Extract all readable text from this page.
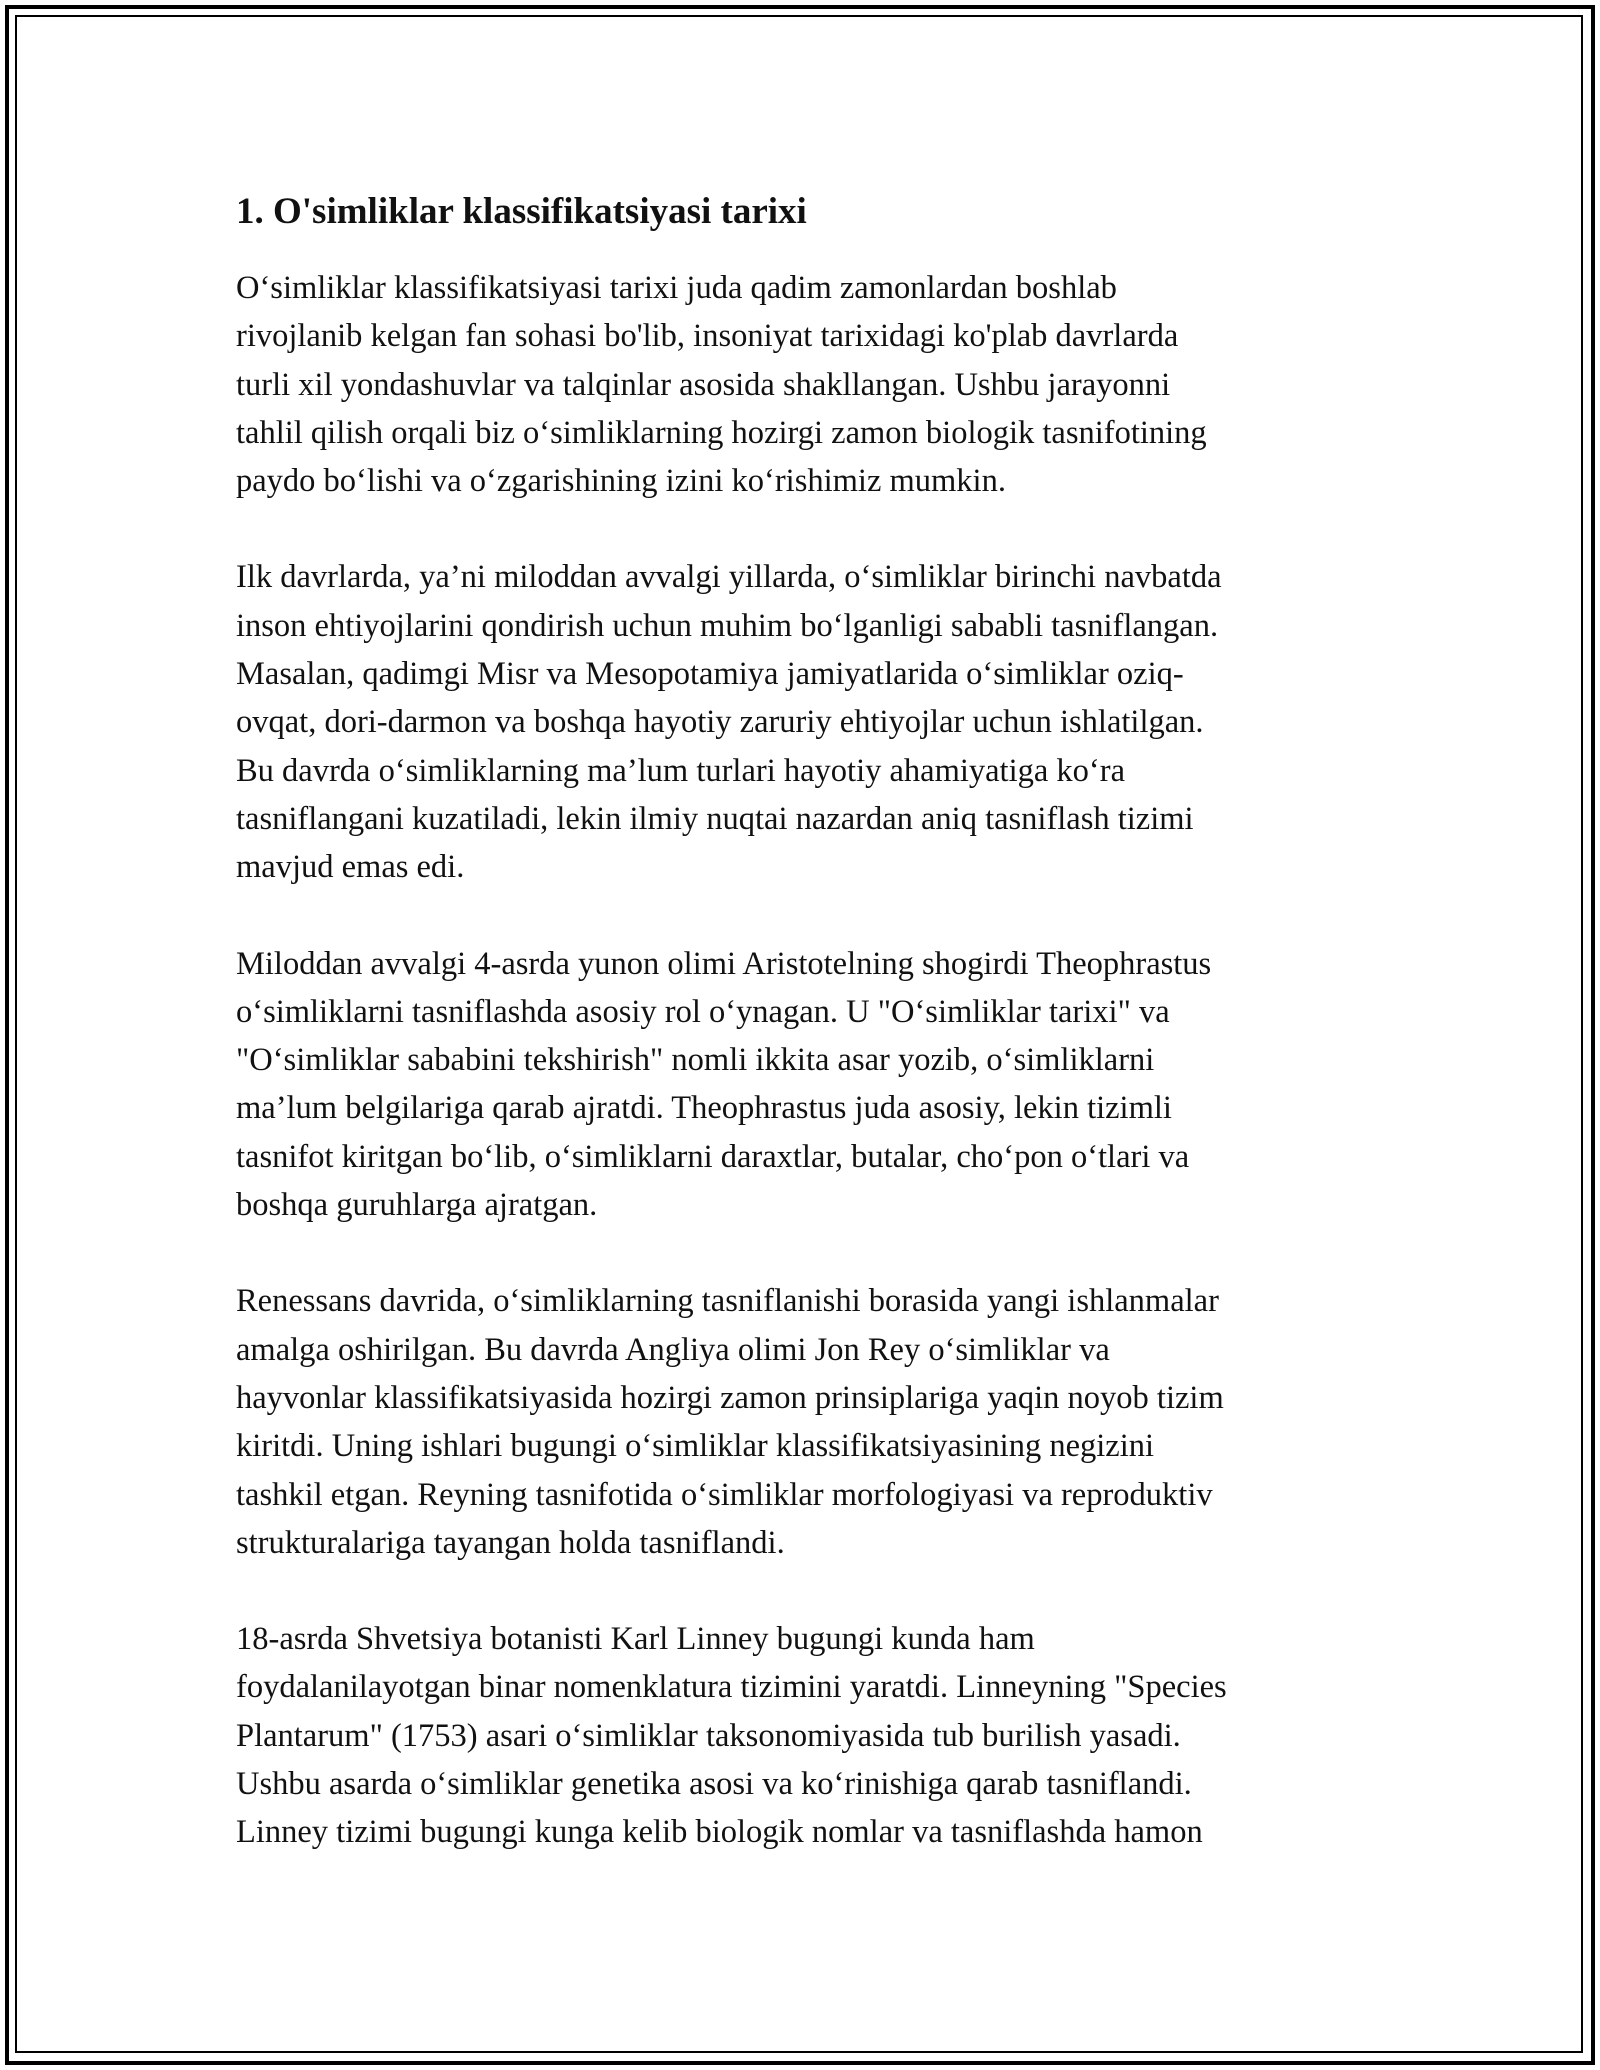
1. O'simliklar klassifikatsiyasi tarixi

O‘simliklar klassifikatsiyasi tarixi juda qadim zamonlardan boshlab
rivojlanib kelgan fan sohasi bo'lib, insoniyat tarixidagi ko'plab davrlarda
turli xil yondashuvlar va talqinlar asosida shakllangan. Ushbu jarayonni
tahlil qilish orqali biz o‘simliklarning hozirgi zamon biologik tasnifotining
paydo bo‘lishi va o‘zgarishining izini ko‘rishimiz mumkin.

Ilk davrlarda, ya’ni miloddan avvalgi yillarda, o‘simliklar birinchi navbatda
inson ehtiyojlarini qondirish uchun muhim bo‘lganligi sababli tasniflangan.
Masalan, qadimgi Misr va Mesopotamiya jamiyatlarida o‘simliklar oziq-
ovqat, dori-darmon va boshqa hayotiy zaruriy ehtiyojlar uchun ishlatilgan.
Bu davrda o‘simliklarning ma’lum turlari hayotiy ahamiyatiga ko‘ra
tasniflangani kuzatiladi, lekin ilmiy nuqtai nazardan aniq tasniflash tizimi
mavjud emas edi.

Miloddan avvalgi 4-asrda yunon olimi Aristotelning shogirdi Theophrastus
o‘simliklarni tasniflashda asosiy rol o‘ynagan. U "O‘simliklar tarixi" va
"O‘simliklar sababini tekshirish" nomli ikkita asar yozib, o‘simliklarni
ma’lum belgilariga qarab ajratdi. Theophrastus juda asosiy, lekin tizimli
tasnifot kiritgan bo‘lib, o‘simliklarni daraxtlar, butalar, cho‘pon o‘tlari va
boshqa guruhlarga ajratgan.

Renessans davrida, o‘simliklarning tasniflanishi borasida yangi ishlanmalar
amalga oshirilgan. Bu davrda Angliya olimi Jon Rey o‘simliklar va
hayvonlar klassifikatsiyasida hozirgi zamon prinsiplariga yaqin noyob tizim
kiritdi. Uning ishlari bugungi o‘simliklar klassifikatsiyasining negizini
tashkil etgan. Reyning tasnifotida o‘simliklar morfologiyasi va reproduktiv
strukturalariga tayangan holda tasniflandi.

18-asrda Shvetsiya botanisti Karl Linney bugungi kunda ham
foydalanilayotgan binar nomenklatura tizimini yaratdi. Linneyning "Species
Plantarum" (1753) asari o‘simliklar taksonomiyasida tub burilish yasadi.
Ushbu asarda o‘simliklar genetika asosi va ko‘rinishiga qarab tasniflandi.
Linney tizimi bugungi kunga kelib biologik nomlar va tasniflashda hamon
